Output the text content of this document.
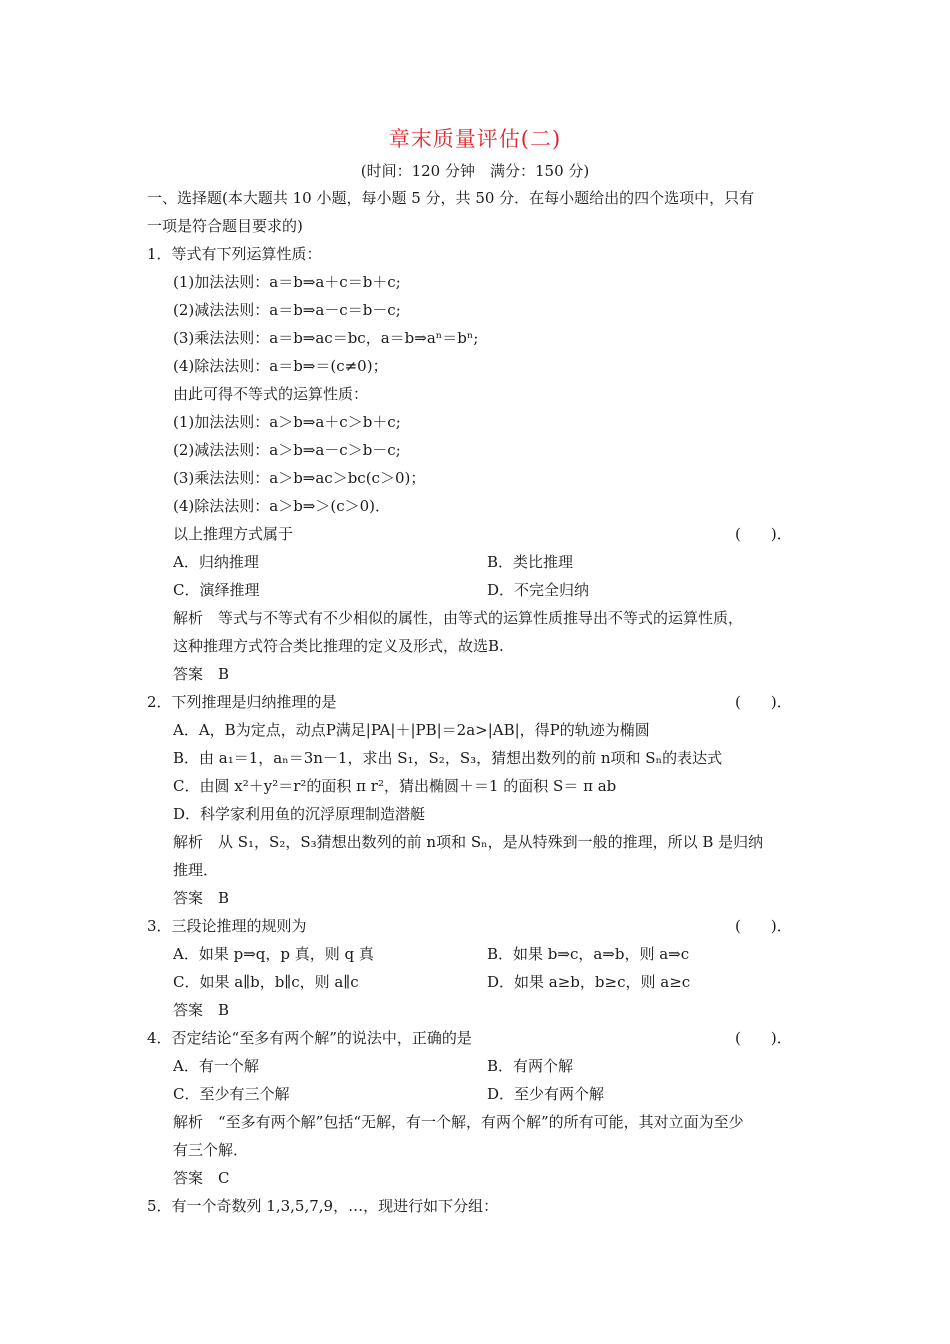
章末质量评估(二)
(时间：120 分钟　满分：150 分)
一、选择题(本大题共 10 小题，每小题 5 分，共 50 分．在每小题给出的四个选项中，只有
一项是符合题目要求的)
1．等式有下列运算性质：
(1)加法法则：a＝b⇒a＋c＝b＋c;
(2)减法法则：a＝b⇒a－c＝b－c;
(3)乘法法则：a＝b⇒ac＝bc，a＝b⇒aⁿ＝bⁿ;
(4)除法法则：a＝b⇒＝(c≠0)；
由此可得不等式的运算性质：
(1)加法法则：a＞b⇒a＋c＞b＋c;
(2)减法法则：a＞b⇒a－c＞b－c;
(3)乘法法则：a＞b⇒ac＞bc(c＞0)；
(4)除法法则：a＞b⇒＞(c＞0)．
以上推理方式属于	(　　)．
A．归纳推理	B．类比推理
C．演绎推理	D．不完全归纳
解析　等式与不等式有不少相似的属性，由等式的运算性质推导出不等式的运算性质，
这种推理方式符合类比推理的定义及形式，故选B.
答案　B
2．下列推理是归纳推理的是	(　　)．
A．A，B为定点，动点P满足|PA|＋|PB|＝2a>|AB|，得P的轨迹为椭圆
B．由 a₁＝1，aₙ＝3n－1，求出 S₁，S₂，S₃，猜想出数列的前 n项和 Sₙ的表达式
C．由圆 x²＋y²＝r²的面积 π r²，猜出椭圆＋＝1 的面积 S＝ π ab
D．科学家利用鱼的沉浮原理制造潜艇
解析　从 S₁，S₂，S₃猜想出数列的前 n项和 Sₙ，是从特殊到一般的推理，所以 B 是归纳
推理．
答案　B
3．三段论推理的规则为	(　　)．
A．如果 p⇒q，p 真，则 q 真	B．如果 b⇒c，a⇒b，则 a⇒c
C．如果 a∥b，b∥c，则 a∥c	D．如果 a≥b，b≥c，则 a≥c
答案　B
4．否定结论“至多有两个解”的说法中，正确的是	(　　)．
A．有一个解	B．有两个解
C．至少有三个解	D．至少有两个解
解析　“至多有两个解”包括“无解，有一个解，有两个解”的所有可能，其对立面为至少
有三个解．
答案　C
5．有一个奇数列 1,3,5,7,9，…，现进行如下分组：
